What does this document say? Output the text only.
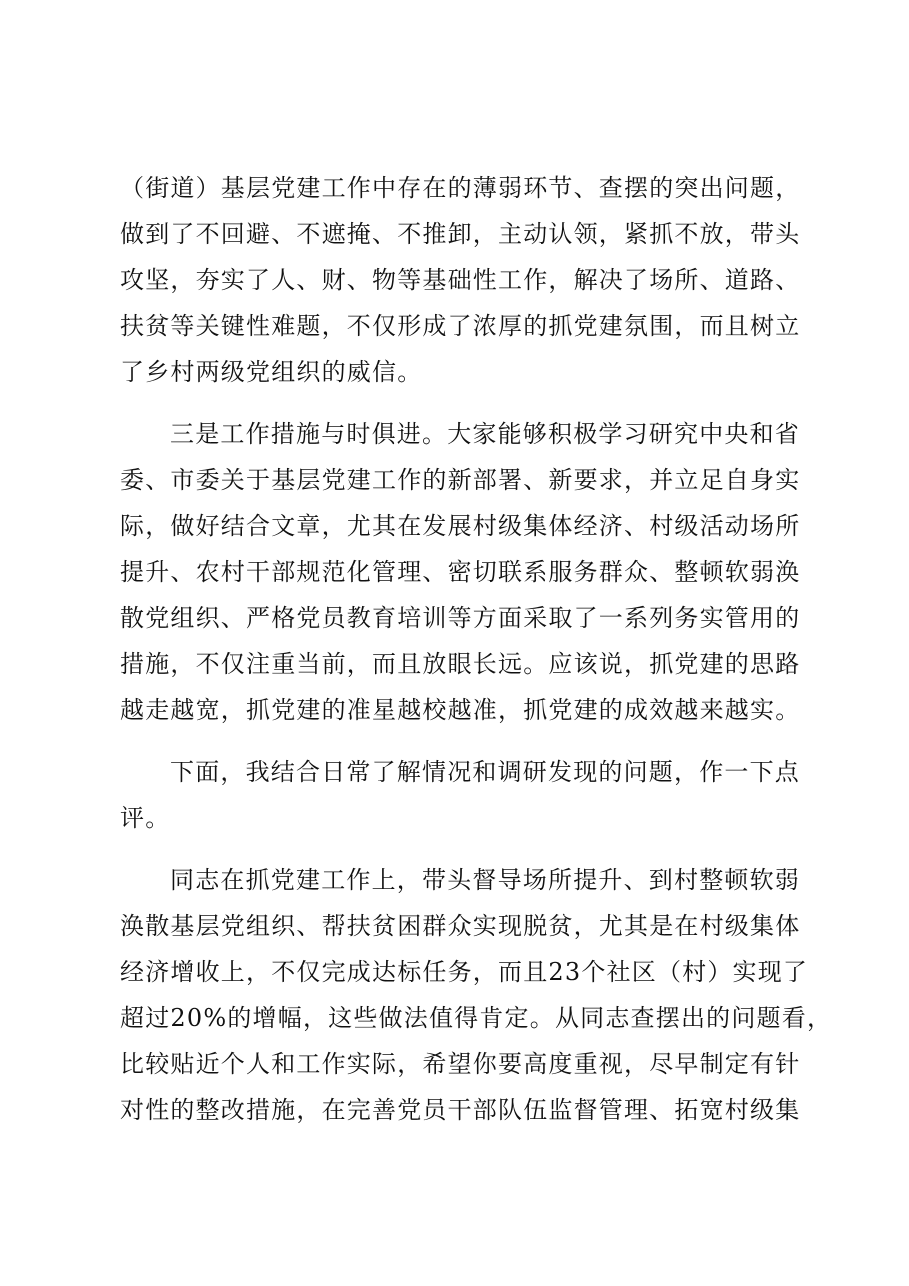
（街道）基层党建工作中存在的薄弱环节、查摆的突出问题，

做到了不回避、不遮掩、不推卸，主动认领，紧抓不放，带头

攻坚，夯实了人、财、物等基础性工作，解决了场所、道路、

扶贫等关键性难题，不仅形成了浓厚的抓党建氛围，而且树立

了乡村两级党组织的威信。

三是工作措施与时俱进。大家能够积极学习研究中央和省

委、市委关于基层党建工作的新部署、新要求，并立足自身实

际，做好结合文章，尤其在发展村级集体经济、村级活动场所

提升、农村干部规范化管理、密切联系服务群众、整顿软弱涣

散党组织、严格党员教育培训等方面采取了一系列务实管用的

措施，不仅注重当前，而且放眼长远。应该说，抓党建的思路

越走越宽，抓党建的准星越校越准，抓党建的成效越来越实。

下面，我结合日常了解情况和调研发现的问题，作一下点

评。

同志在抓党建工作上，带头督导场所提升、到村整顿软弱

涣散基层党组织、帮扶贫困群众实现脱贫，尤其是在村级集体

经济增收上，不仅完成达标任务，而且23个社区（村）实现了

超过20%的增幅，这些做法值得肯定。从同志查摆出的问题看，

比较贴近个人和工作实际，希望你要高度重视，尽早制定有针

对性的整改措施，在完善党员干部队伍监督管理、拓宽村级集
